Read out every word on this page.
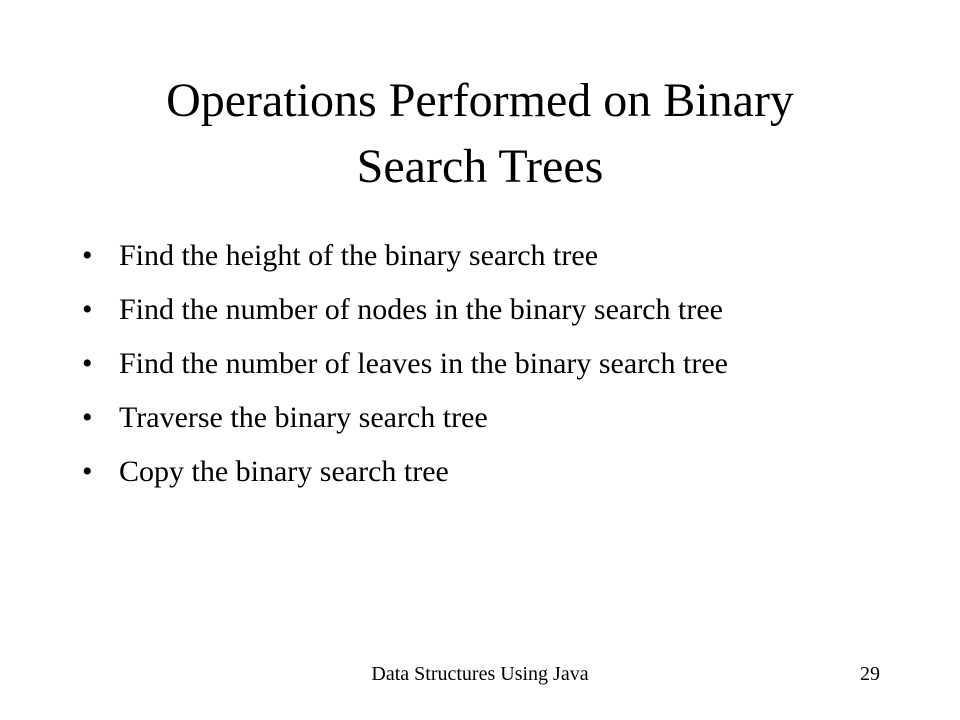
Operations Performed on Binary
Search Trees
• Find the height of the binary search tree
• Find the number of nodes in the binary search tree
• Find the number of leaves in the binary search tree
• Traverse the binary search tree
• Copy the binary search tree
Data Structures Using Java	29
